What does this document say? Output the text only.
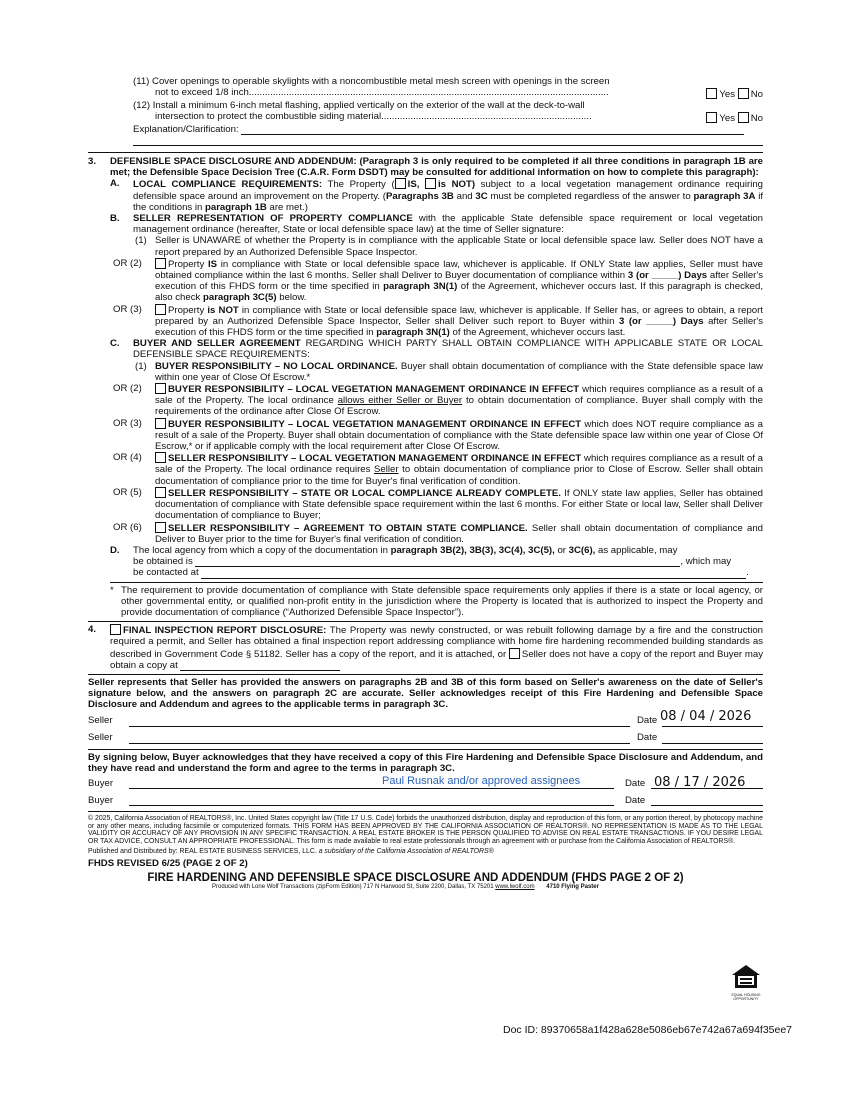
(11) Cover openings to operable skylights with a noncombustible metal mesh screen with openings in the screen
not to exceed 1/8 inch.......................................................................................................................................	Yes No
(12) Install a minimum 6-inch metal flashing, applied vertically on the exterior of the wall at the deck-to-wall
intersection to protect the combustible siding material...............................................................................	Yes No
Explanation/Clarification:
3. DEFENSIBLE SPACE DISCLOSURE AND ADDENDUM: (Paragraph 3 is only required to be completed if all three conditions in paragraph 1B are met; the Defensible Space Decision Tree (C.A.R. Form DSDT) may be consulted for additional information on how to complete this paragraph):
A. LOCAL COMPLIANCE REQUIREMENTS: The Property ( IS, is NOT) subject to a local vegetation management ordinance requiring defensible space around an improvement on the Property. (Paragraphs 3B and 3C must be completed regardless of the answer to paragraph 3A if the conditions in paragraph 1B are met.)
B. SELLER REPRESENTATION OF PROPERTY COMPLIANCE with the applicable State defensible space requirement or local vegetation management ordinance (hereafter, State or local defensible space law) at the time of Seller signature:
(1) Seller is UNAWARE of whether the Property is in compliance with the applicable State or local defensible space law. Seller does NOT have a report prepared by an Authorized Defensible Space Inspector.
OR (2)	Property IS in compliance with State or local defensible space law, whichever is applicable. If ONLY State law applies, Seller must have obtained compliance within the last 6 months. Seller shall Deliver to Buyer documentation of compliance within 3 (or _____) Days after Seller's execution of this FHDS form or the time specified in paragraph 3N(1) of the Agreement, whichever occurs last. If this paragraph is checked, also check paragraph 3C(5) below.
OR (3)	Property is NOT in compliance with State or local defensible space law, whichever is applicable. If Seller has, or agrees to obtain, a report prepared by an Authorized Defensible Space Inspector, Seller shall Deliver such report to Buyer within 3 (or _____) Days after Seller's execution of this FHDS form or the time specified in paragraph 3N(1) of the Agreement, whichever occurs last.
C. BUYER AND SELLER AGREEMENT REGARDING WHICH PARTY SHALL OBTAIN COMPLIANCE WITH APPLICABLE STATE OR LOCAL DEFENSIBLE SPACE REQUIREMENTS:
(1) BUYER RESPONSIBILITY – NO LOCAL ORDINANCE. Buyer shall obtain documentation of compliance with the State defensible space law within one year of Close Of Escrow.*
OR (2)	BUYER RESPONSIBILITY – LOCAL VEGETATION MANAGEMENT ORDINANCE IN EFFECT which requires compliance as a result of a sale of the Property. The local ordinance allows either Seller or Buyer to obtain documentation of compliance. Buyer shall comply with the requirements of the ordinance after Close Of Escrow.
OR (3)	BUYER RESPONSIBILITY – LOCAL VEGETATION MANAGEMENT ORDINANCE IN EFFECT which does NOT require compliance as a result of a sale of the Property. Buyer shall obtain documentation of compliance with the State defensible space law within one year of Close Of Escrow,* or if applicable comply with the local requirement after Close Of Escrow.
OR (4)	SELLER RESPONSIBILITY – LOCAL VEGETATION MANAGEMENT ORDINANCE IN EFFECT which requires compliance as a result of a sale of the Property. The local ordinance requires Seller to obtain documentation of compliance prior to Close of Escrow. Seller shall obtain documentation of compliance prior to the time for Buyer's final verification of condition.
OR (5)	SELLER RESPONSIBILITY – STATE OR LOCAL COMPLIANCE ALREADY COMPLETE. If ONLY state law applies, Seller has obtained documentation of compliance with State defensible space requirement within the last 6 months. For either State or local law, Seller shall Deliver documentation of compliance to Buyer;
OR (6)	SELLER RESPONSIBILITY – AGREEMENT TO OBTAIN STATE COMPLIANCE. Seller shall obtain documentation of compliance and Deliver to Buyer prior to the time for Buyer's final verification of condition.
D. The local agency from which a copy of the documentation in paragraph 3B(2), 3B(3), 3C(4), 3C(5), or 3C(6), as applicable, may
be obtained is	, which may
be contacted at	.
* The requirement to provide documentation of compliance with State defensible space requirements only applies if there is a state or local agency, or other governmental entity, or qualified non-profit entity in the jurisdiction where the Property is located that is authorized to inspect the Property and provide documentation of compliance (“Authorized Defensible Space Inspector”).
4.	FINAL INSPECTION REPORT DISCLOSURE: The Property was newly constructed, or was rebuilt following damage by a fire and the construction required a permit, and Seller has obtained a final inspection report addressing compliance with home fire hardening recommended building standards as described in Government Code § 51182. Seller has a copy of the report, and it is attached, or Seller does not have a copy of the report and Buyer may obtain a copy at
Seller represents that Seller has provided the answers on paragraphs 2B and 3B of this form based on Seller's awareness on the date of Seller's signature below, and the answers on paragraph 2C are accurate. Seller acknowledges receipt of this Fire Hardening and Defensible Space Disclosure and Addendum and agrees to the applicable terms in paragraph 3C.
Seller	Date 08 / 04 / 2026
Seller	Date
By signing below, Buyer acknowledges that they have received a copy of this Fire Hardening and Defensible Space Disclosure and Addendum, and they have read and understand the form and agree to the terms in paragraph 3C.
Buyer	Paul Rusnak and/or approved assignees	Date 08 / 17 / 2026
Buyer	Date
© 2025, California Association of REALTORS®, Inc. United States copyright law (Title 17 U.S. Code) forbids the unauthorized distribution, display and reproduction of this form, or any portion thereof, by photocopy machine or any other means, including facsimile or computerized formats. THIS FORM HAS BEEN APPROVED BY THE CALIFORNIA ASSOCIATION OF REALTORS®. NO REPRESENTATION IS MADE AS TO THE LEGAL VALIDITY OR ACCURACY OF ANY PROVISION IN ANY SPECIFIC TRANSACTION. A REAL ESTATE BROKER IS THE PERSON QUALIFIED TO ADVISE ON REAL ESTATE TRANSACTIONS. IF YOU DESIRE LEGAL OR TAX ADVICE, CONSULT AN APPROPRIATE PROFESSIONAL. This form is made available to real estate professionals through an agreement with or purchase from the California Association of REALTORS®.
Published and Distributed by: REAL ESTATE BUSINESS SERVICES, LLC. a subsidiary of the California Association of REALTORS®
FHDS REVISED 6/25 (PAGE 2 OF 2)
EQUAL HOUSING OPPORTUNITY
FIRE HARDENING AND DEFENSIBLE SPACE DISCLOSURE AND ADDENDUM (FHDS PAGE 2 OF 2)
Produced with Lone Wolf Transactions (zipForm Edition) 717 N Harwood St, Suite 2200, Dallas, TX 75201 www.lwolf.com 4710 Flying Paster
Doc ID: 89370658a1f428a628e5086eb67e742a67a694f35ee7
